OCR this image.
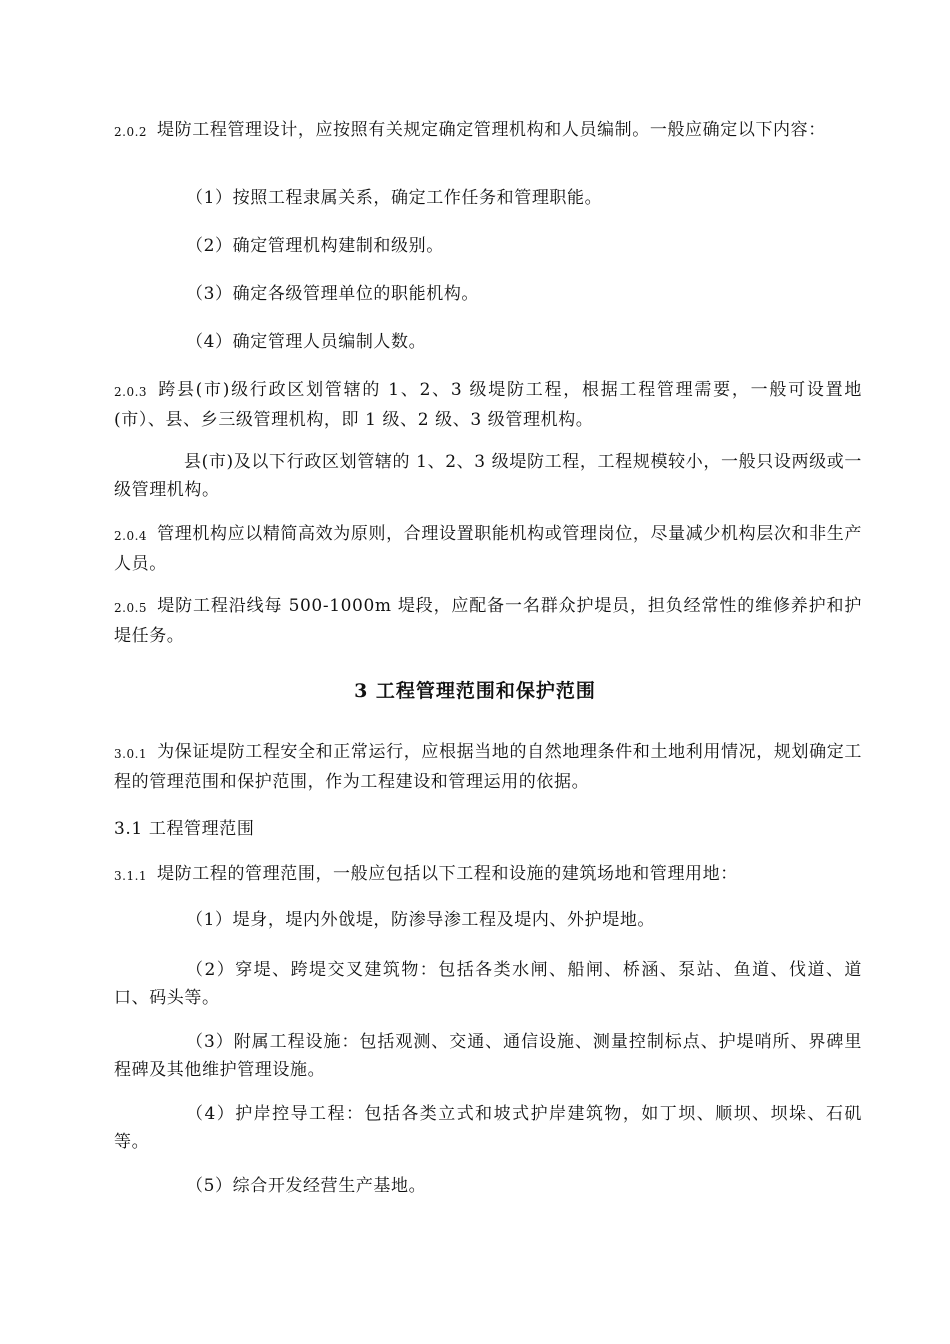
2.0.2 堤防工程管理设计，应按照有关规定确定管理机构和人员编制。一般应确定以下内容：

（1）按照工程隶属关系，确定工作任务和管理职能。

（2）确定管理机构建制和级别。

（3）确定各级管理单位的职能机构。

（4）确定管理人员编制人数。

2.0.3 跨县(市)级行政区划管辖的 1、2、3 级堤防工程，根据工程管理需要，一般可设置地(市）、县、乡三级管理机构，即 1 级、2 级、3 级管理机构。

县(市)及以下行政区划管辖的 1、2、3 级堤防工程，工程规模较小，一般只设两级或一级管理机构。

2.0.4 管理机构应以精简高效为原则，合理设置职能机构或管理岗位，尽量减少机构层次和非生产人员。

2.0.5 堤防工程沿线每 500-1000m 堤段，应配备一名群众护堤员，担负经常性的维修养护和护堤任务。

3 工程管理范围和保护范围

3.0.1 为保证堤防工程安全和正常运行，应根据当地的自然地理条件和土地利用情况，规划确定工程的管理范围和保护范围，作为工程建设和管理运用的依据。

3.1 工程管理范围

3.1.1 堤防工程的管理范围，一般应包括以下工程和设施的建筑场地和管理用地：

（1）堤身，堤内外戗堤，防渗导渗工程及堤内、外护堤地。

（2）穿堤、跨堤交叉建筑物：包括各类水闸、船闸、桥涵、泵站、鱼道、伐道、道口、码头等。

（3）附属工程设施：包括观测、交通、通信设施、测量控制标点、护堤哨所、界碑里程碑及其他维护管理设施。

（4）护岸控导工程：包括各类立式和坡式护岸建筑物，如丁坝、顺坝、坝垛、石矶等。

（5）综合开发经营生产基地。
